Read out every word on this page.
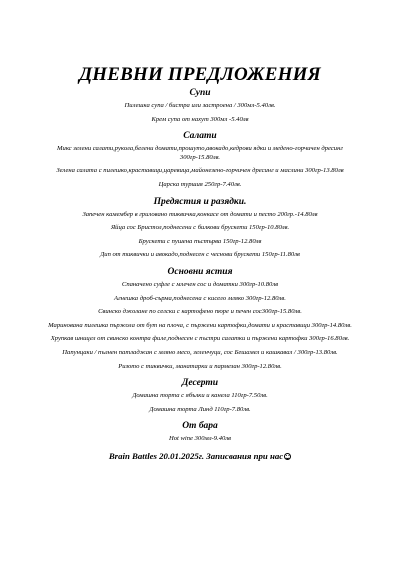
ДНЕВНИ ПРЕДЛОЖЕНИЯ
Супи
Пилешка супа / бистра или застроена / 300мл-5.40лв.
Крем супа от нахут 300мл -5.40лв
Салати
Микс зелени салати,рукола,белени домати,прошуто,авокадо,кедрови ядки и медено-горчичен дресинг 300гр-15.80лв.
Зелена салата с пилешко,краставици,царевица,майонезено-горчичен дресинг и маслини 300гр-13.80лв
Царска туршия 250гр-7.40лв.
Предястия и разядки.
Запечен камембер в гриловано тиквичка,конкасе от домати и песто 200гр.-14.80лв
Яйца сос Бристол,поднесени с билкови брускети 150гр-10.80лв.
Брускети с пушена пъстърва 150гр-12.80лв
Дип от тиквички и авокадо,поднесен с чеснови брускети 150гр-11.80лв
Основни ястия
Спаначено суфле с млечен сос и доматки 300гр-10.80лв
Агнешка дроб-сърма,поднесена с кисело мляко 300гр-12.80лв.
Свинско джолане по селски с картофено пюре и печен сос300гр-15.80лв.
Маринована пилешка пържола от бут на плоча, с пържени картофки,домати и краставици 300гр-14.80лв.
Хрупкав шницел от свинско контра филе,поднесен с пъстри салатки и пържени картофки 300гр-16.80лв.
Папунцаки / пълнен патладжан с мляно месо, зеленчуци, сос Бешамел и кашкавал / 300гр-13.80лв.
Ризото с тиквички, манатарки и пармезан 300гр-12.80лв.
Десерти
Домашна торта с ябълки и канела 110гр-7.50лв.
Домашна торта Линд 110гр-7.80лв.
От бара
Hot wine 300мл-9.40лв
Brain Battles 20.01.2025г. Записвания при нас
